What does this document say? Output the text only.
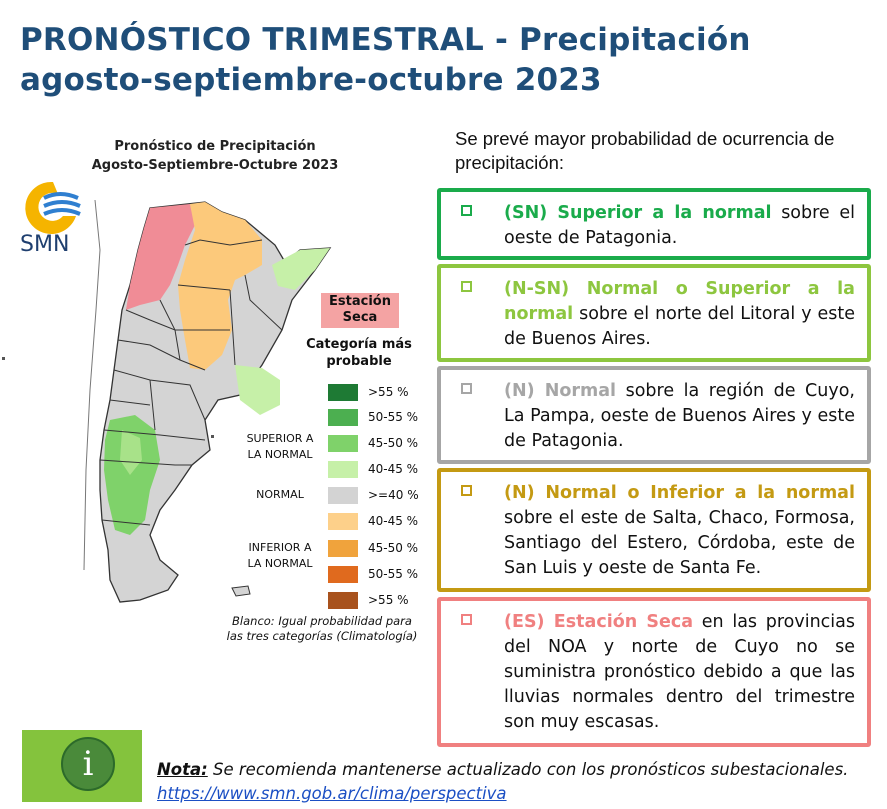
PRONÓSTICO TRIMESTRAL - Precipitación
agosto-septiembre-octubre 2023
Pronóstico de Precipitación
Agosto-Septiembre-Octubre 2023
SMN
Estación
Seca
Categoría más
probable
>55 %
50-55 %
45-50 %
40-45 %
>=40 %
40-45 %
45-50 %
50-55 %
>55 %
SUPERIOR A
LA NORMAL
NORMAL
INFERIOR A
LA NORMAL
Blanco: Igual probabilidad para
las tres categorías (Climatología)
Se prevé mayor probabilidad de ocurrencia de precipitación:
(SN) Superior a la normal sobre el oeste de Patagonia.
(N-SN) Normal o Superior a la normal sobre el norte del Litoral y este de Buenos Aires.
(N) Normal sobre la región de Cuyo, La Pampa, oeste de Buenos Aires y este de Patagonia.
(N) Normal o Inferior a la normal sobre el este de Salta, Chaco, Formosa, Santiago del Estero, Córdoba, este de San Luis y oeste de Santa Fe.
(ES) Estación Seca en las provincias del NOA y norte de Cuyo no se suministra pronóstico debido a que las lluvias normales dentro del trimestre son muy escasas.
i	Nota: Se recomienda mantenerse actualizado con los pronósticos subestacionales.
https://www.smn.gob.ar/clima/perspectiva
